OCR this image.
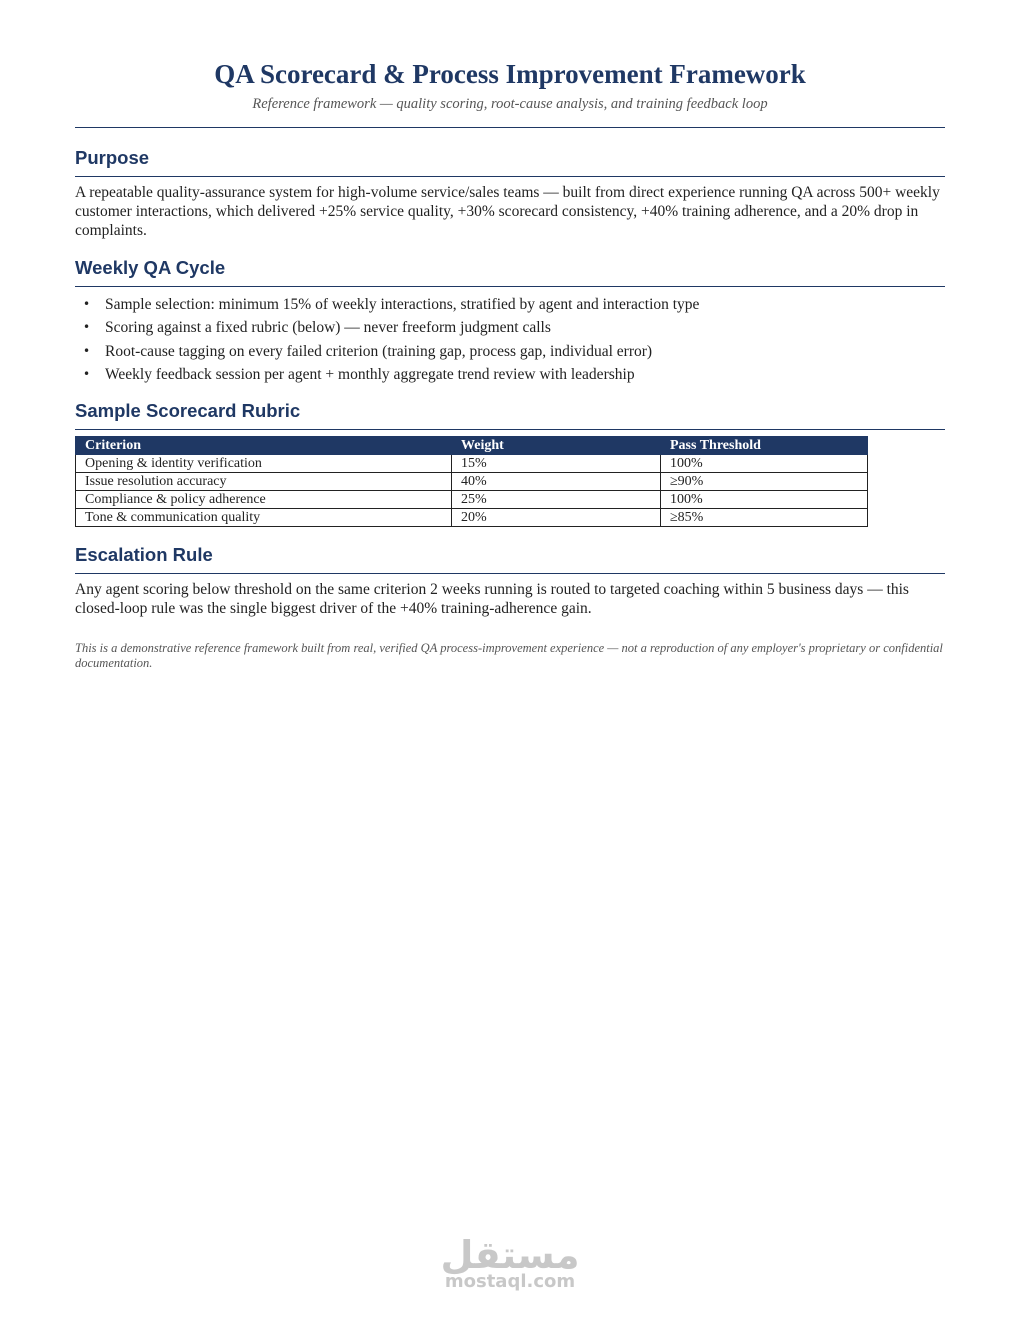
QA Scorecard & Process Improvement Framework

Reference framework — quality scoring, root-cause analysis, and training feedback loop

Purpose

A repeatable quality-assurance system for high-volume service/sales teams — built from direct experience running QA across 500+ weekly customer interactions, which delivered +25% service quality, +30% scorecard consistency, +40% training adherence, and a 20% drop in complaints.

Weekly QA Cycle
• Sample selection: minimum 15% of weekly interactions, stratified by agent and interaction type
• Scoring against a fixed rubric (below) — never freeform judgment calls
• Root-cause tagging on every failed criterion (training gap, process gap, individual error)
• Weekly feedback session per agent + monthly aggregate trend review with leadership
Sample Scorecard Rubric
Criterion	Weight	Pass Threshold
Opening & identity verification	15%	100%
Issue resolution accuracy	40%	≥90%
Compliance & policy adherence	25%	100%
Tone & communication quality	20%	≥85%
Escalation Rule

Any agent scoring below threshold on the same criterion 2 weeks running is routed to targeted coaching within 5 business days — this closed-loop rule was the single biggest driver of the +40% training-adherence gain.

This is a demonstrative reference framework built from real, verified QA process-improvement experience — not a reproduction of any employer's proprietary or confidential documentation.

مستقل
mostaql.com
